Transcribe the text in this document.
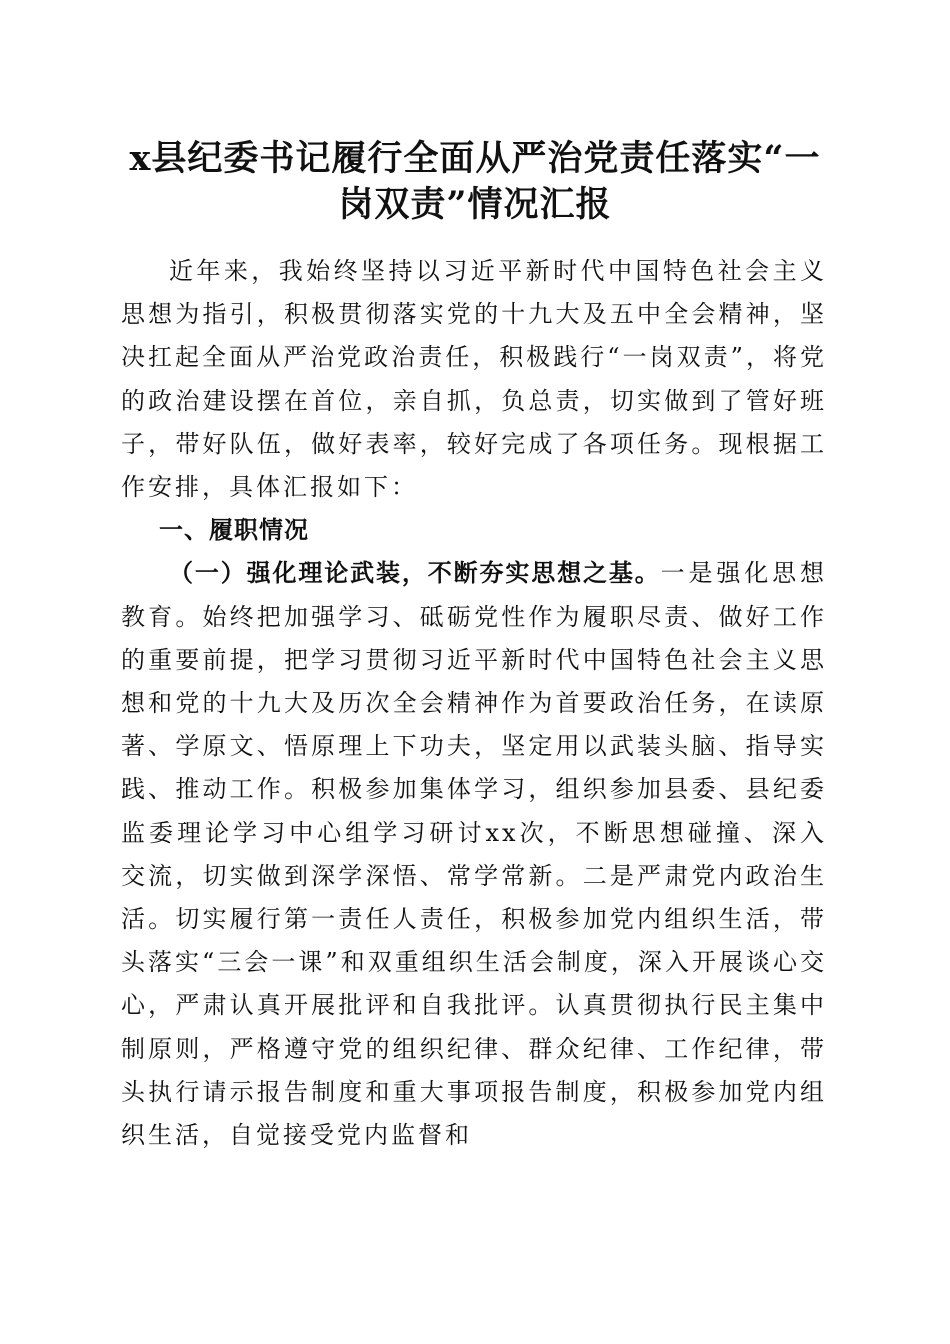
x县纪委书记履行全面从严治党责任落实“一
岗双责”情况汇报

近年来，我始终坚持以习近平新时代中国特色社会主义思想为指引，积极贯彻落实党的十九大及五中全会精神，坚决扛起全面从严治党政治责任，积极践行“一岗双责”，将党的政治建设摆在首位，亲自抓，负总责，切实做到了管好班子，带好队伍，做好表率，较好完成了各项任务。现根据工作安排，具体汇报如下：

一、履职情况

（一）强化理论武装，不断夯实思想之基。一是强化思想教育。始终把加强学习、砥砺党性作为履职尽责、做好工作的重要前提，把学习贯彻习近平新时代中国特色社会主义思想和党的十九大及历次全会精神作为首要政治任务，在读原著、学原文、悟原理上下功夫，坚定用以武装头脑、指导实践、推动工作。积极参加集体学习，组织参加县委、县纪委监委理论学习中心组学习研讨xx次，不断思想碰撞、深入交流，切实做到深学深悟、常学常新。二是严肃党内政治生活。切实履行第一责任人责任，积极参加党内组织生活，带头落实“三会一课”和双重组织生活会制度，深入开展谈心交心，严肃认真开展批评和自我批评。认真贯彻执行民主集中制原则，严格遵守党的组织纪律、群众纪律、工作纪律，带头执行请示报告制度和重大事项报告制度，积极参加党内组织生活，自觉接受党内监督和
